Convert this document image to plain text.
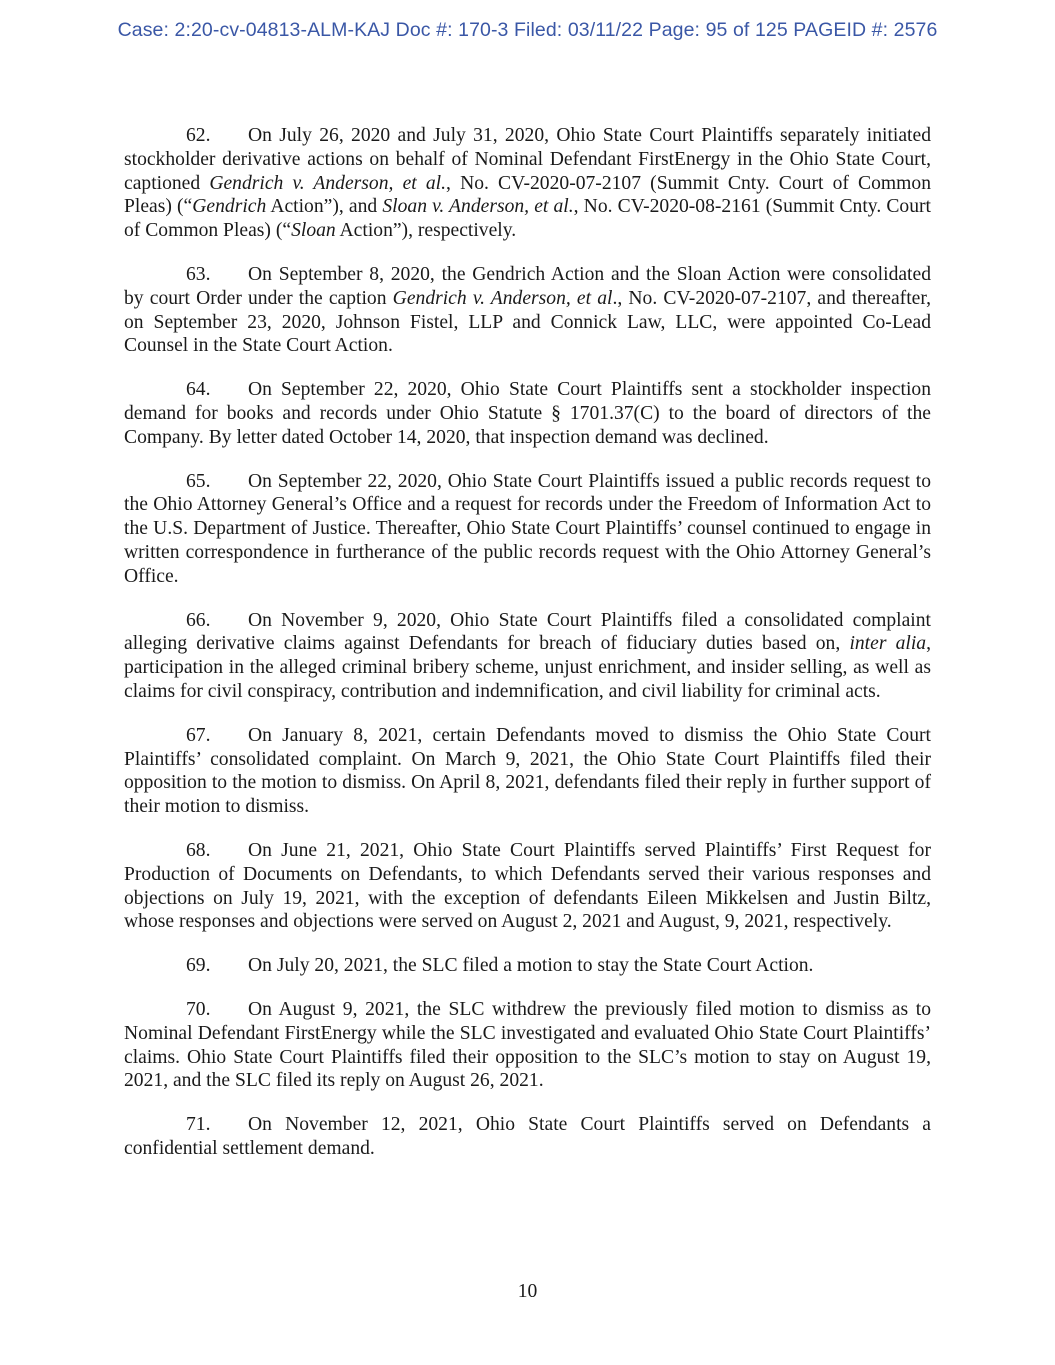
Case: 2:20-cv-04813-ALM-KAJ Doc #: 170-3 Filed: 03/11/22 Page: 95 of 125 PAGEID #: 2576

62. On July 26, 2020 and July 31, 2020, Ohio State Court Plaintiffs separately initiated stockholder derivative actions on behalf of Nominal Defendant FirstEnergy in the Ohio State Court, captioned Gendrich v. Anderson, et al., No. CV-2020-07-2107 (Summit Cnty. Court of Common Pleas) (“Gendrich Action”), and Sloan v. Anderson, et al., No. CV-2020-08-2161 (Summit Cnty. Court of Common Pleas) (“Sloan Action”), respectively.

63. On September 8, 2020, the Gendrich Action and the Sloan Action were consolidated by court Order under the caption Gendrich v. Anderson, et al., No. CV-2020-07-2107, and thereafter, on September 23, 2020, Johnson Fistel, LLP and Connick Law, LLC, were appointed Co-Lead Counsel in the State Court Action.

64. On September 22, 2020, Ohio State Court Plaintiffs sent a stockholder inspection demand for books and records under Ohio Statute § 1701.37(C) to the board of directors of the Company. By letter dated October 14, 2020, that inspection demand was declined.

65. On September 22, 2020, Ohio State Court Plaintiffs issued a public records request to the Ohio Attorney General’s Office and a request for records under the Freedom of Information Act to the U.S. Department of Justice. Thereafter, Ohio State Court Plaintiffs’ counsel continued to engage in written correspondence in furtherance of the public records request with the Ohio Attorney General’s Office.

66. On November 9, 2020, Ohio State Court Plaintiffs filed a consolidated complaint alleging derivative claims against Defendants for breach of fiduciary duties based on, inter alia, participation in the alleged criminal bribery scheme, unjust enrichment, and insider selling, as well as claims for civil conspiracy, contribution and indemnification, and civil liability for criminal acts.

67. On January 8, 2021, certain Defendants moved to dismiss the Ohio State Court Plaintiffs’ consolidated complaint. On March 9, 2021, the Ohio State Court Plaintiffs filed their opposition to the motion to dismiss. On April 8, 2021, defendants filed their reply in further support of their motion to dismiss.

68. On June 21, 2021, Ohio State Court Plaintiffs served Plaintiffs’ First Request for Production of Documents on Defendants, to which Defendants served their various responses and objections on July 19, 2021, with the exception of defendants Eileen Mikkelsen and Justin Biltz, whose responses and objections were served on August 2, 2021 and August, 9, 2021, respectively.

69. On July 20, 2021, the SLC filed a motion to stay the State Court Action.

70. On August 9, 2021, the SLC withdrew the previously filed motion to dismiss as to Nominal Defendant FirstEnergy while the SLC investigated and evaluated Ohio State Court Plaintiffs’ claims. Ohio State Court Plaintiffs filed their opposition to the SLC’s motion to stay on August 19, 2021, and the SLC filed its reply on August 26, 2021.

71. On November 12, 2021, Ohio State Court Plaintiffs served on Defendants a confidential settlement demand.

10
